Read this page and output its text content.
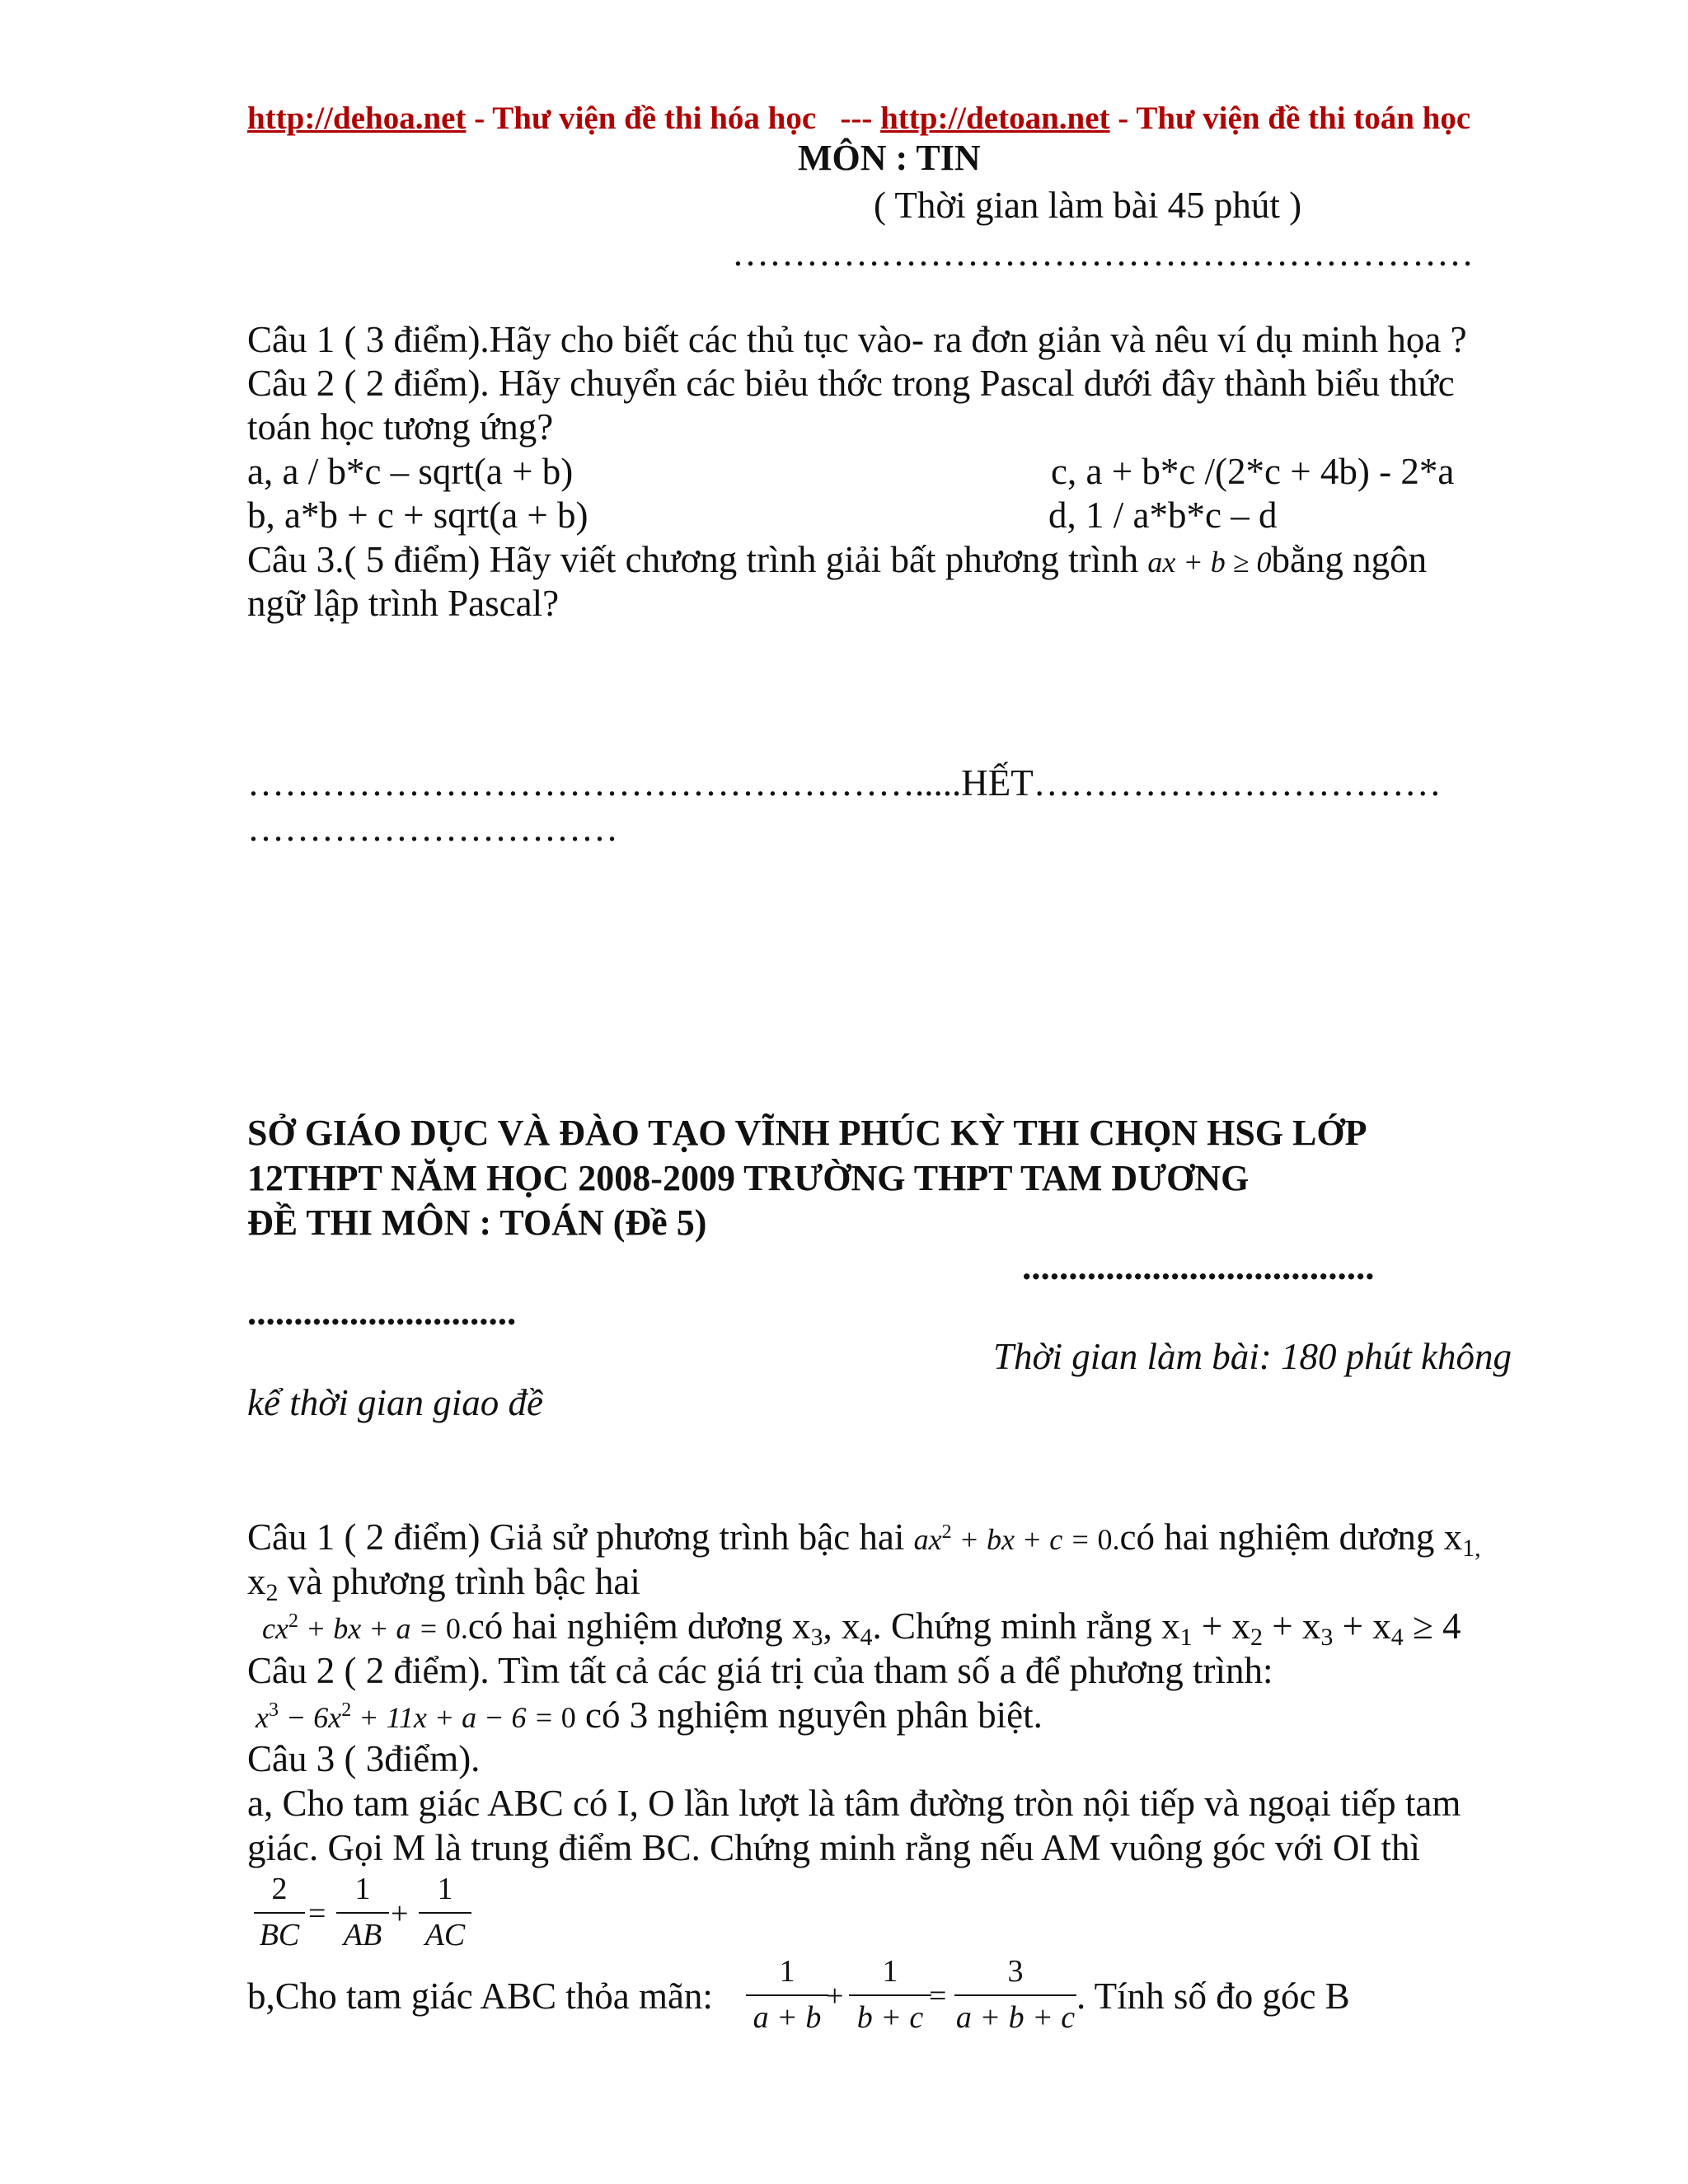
http://dehoa.net - Thư viện đề thi hóa học --- http://detoan.net - Thư viện đề thi toán học
MÔN : TIN
( Thời gian làm bài 45 phút )
……………………………………………………
Câu 1 ( 3 điểm).Hãy cho biết các thủ tục vào- ra đơn giản và nêu ví dụ minh họa ?
Câu 2 ( 2 điểm). Hãy chuyển các biẻu thớc trong Pascal dưới đây thành biểu thức
toán học tương ứng?
a, a / b*c – sqrt(a + b)	c, a + b*c /(2*c + 4b) - 2*a
b, a*b + c + sqrt(a + b)	d, 1 / a*b*c – d
Câu 3.( 5 điểm) Hãy viết chương trình giải bất phương trình ax + b ≥ 0bằng ngôn
ngữ lập trình Pascal?
……………………………………………….....HẾT……………………………
…………………………
SỞ GIÁO DỤC VÀ ĐÀO TẠO VĨNH PHÚC KỲ THI CHỌN HSG LỚP
12THPT NĂM HỌC 2008-2009 TRƯỜNG THPT TAM DƯƠNG
ĐỀ THI MÔN : TOÁN (Đề 5)
......................................
.............................
Thời gian làm bài: 180 phút không
kể thời gian giao đề
Câu 1 ( 2 điểm) Giả sử phương trình bậc hai $ax^2$ + bx + c = 0.có hai nghiệm dương $x_{1,}$
$x_2$ và phương trình bậc hai
$cx^2$ + bx + a = 0.có hai nghiệm dương $x_3$, $x_4$. Chứng minh rằng $x_1 + x_2 + x_3 + x_4 \ge 4$
Câu 2 ( 2 điểm). Tìm tất cả các giá trị của tham số a để phương trình:
$x^3 - 6x^2 + 11x + a - 6 = 0$ có 3 nghiệm nguyên phân biệt.
Câu 3 ( 3điểm).
a, Cho tam giác ABC có I, O lần lượt là tâm đường tròn nội tiếp và ngoại tiếp tam
giác. Gọi M là trung điểm BC. Chứng minh rằng nếu AM vuông góc với OI thì
2
BC
=
1
AB
+
1
AC
b,Cho tam giác ABC thỏa mãn:
1
a + b
+
1
b + c
=
3
a + b + c
. Tính số đo góc B
